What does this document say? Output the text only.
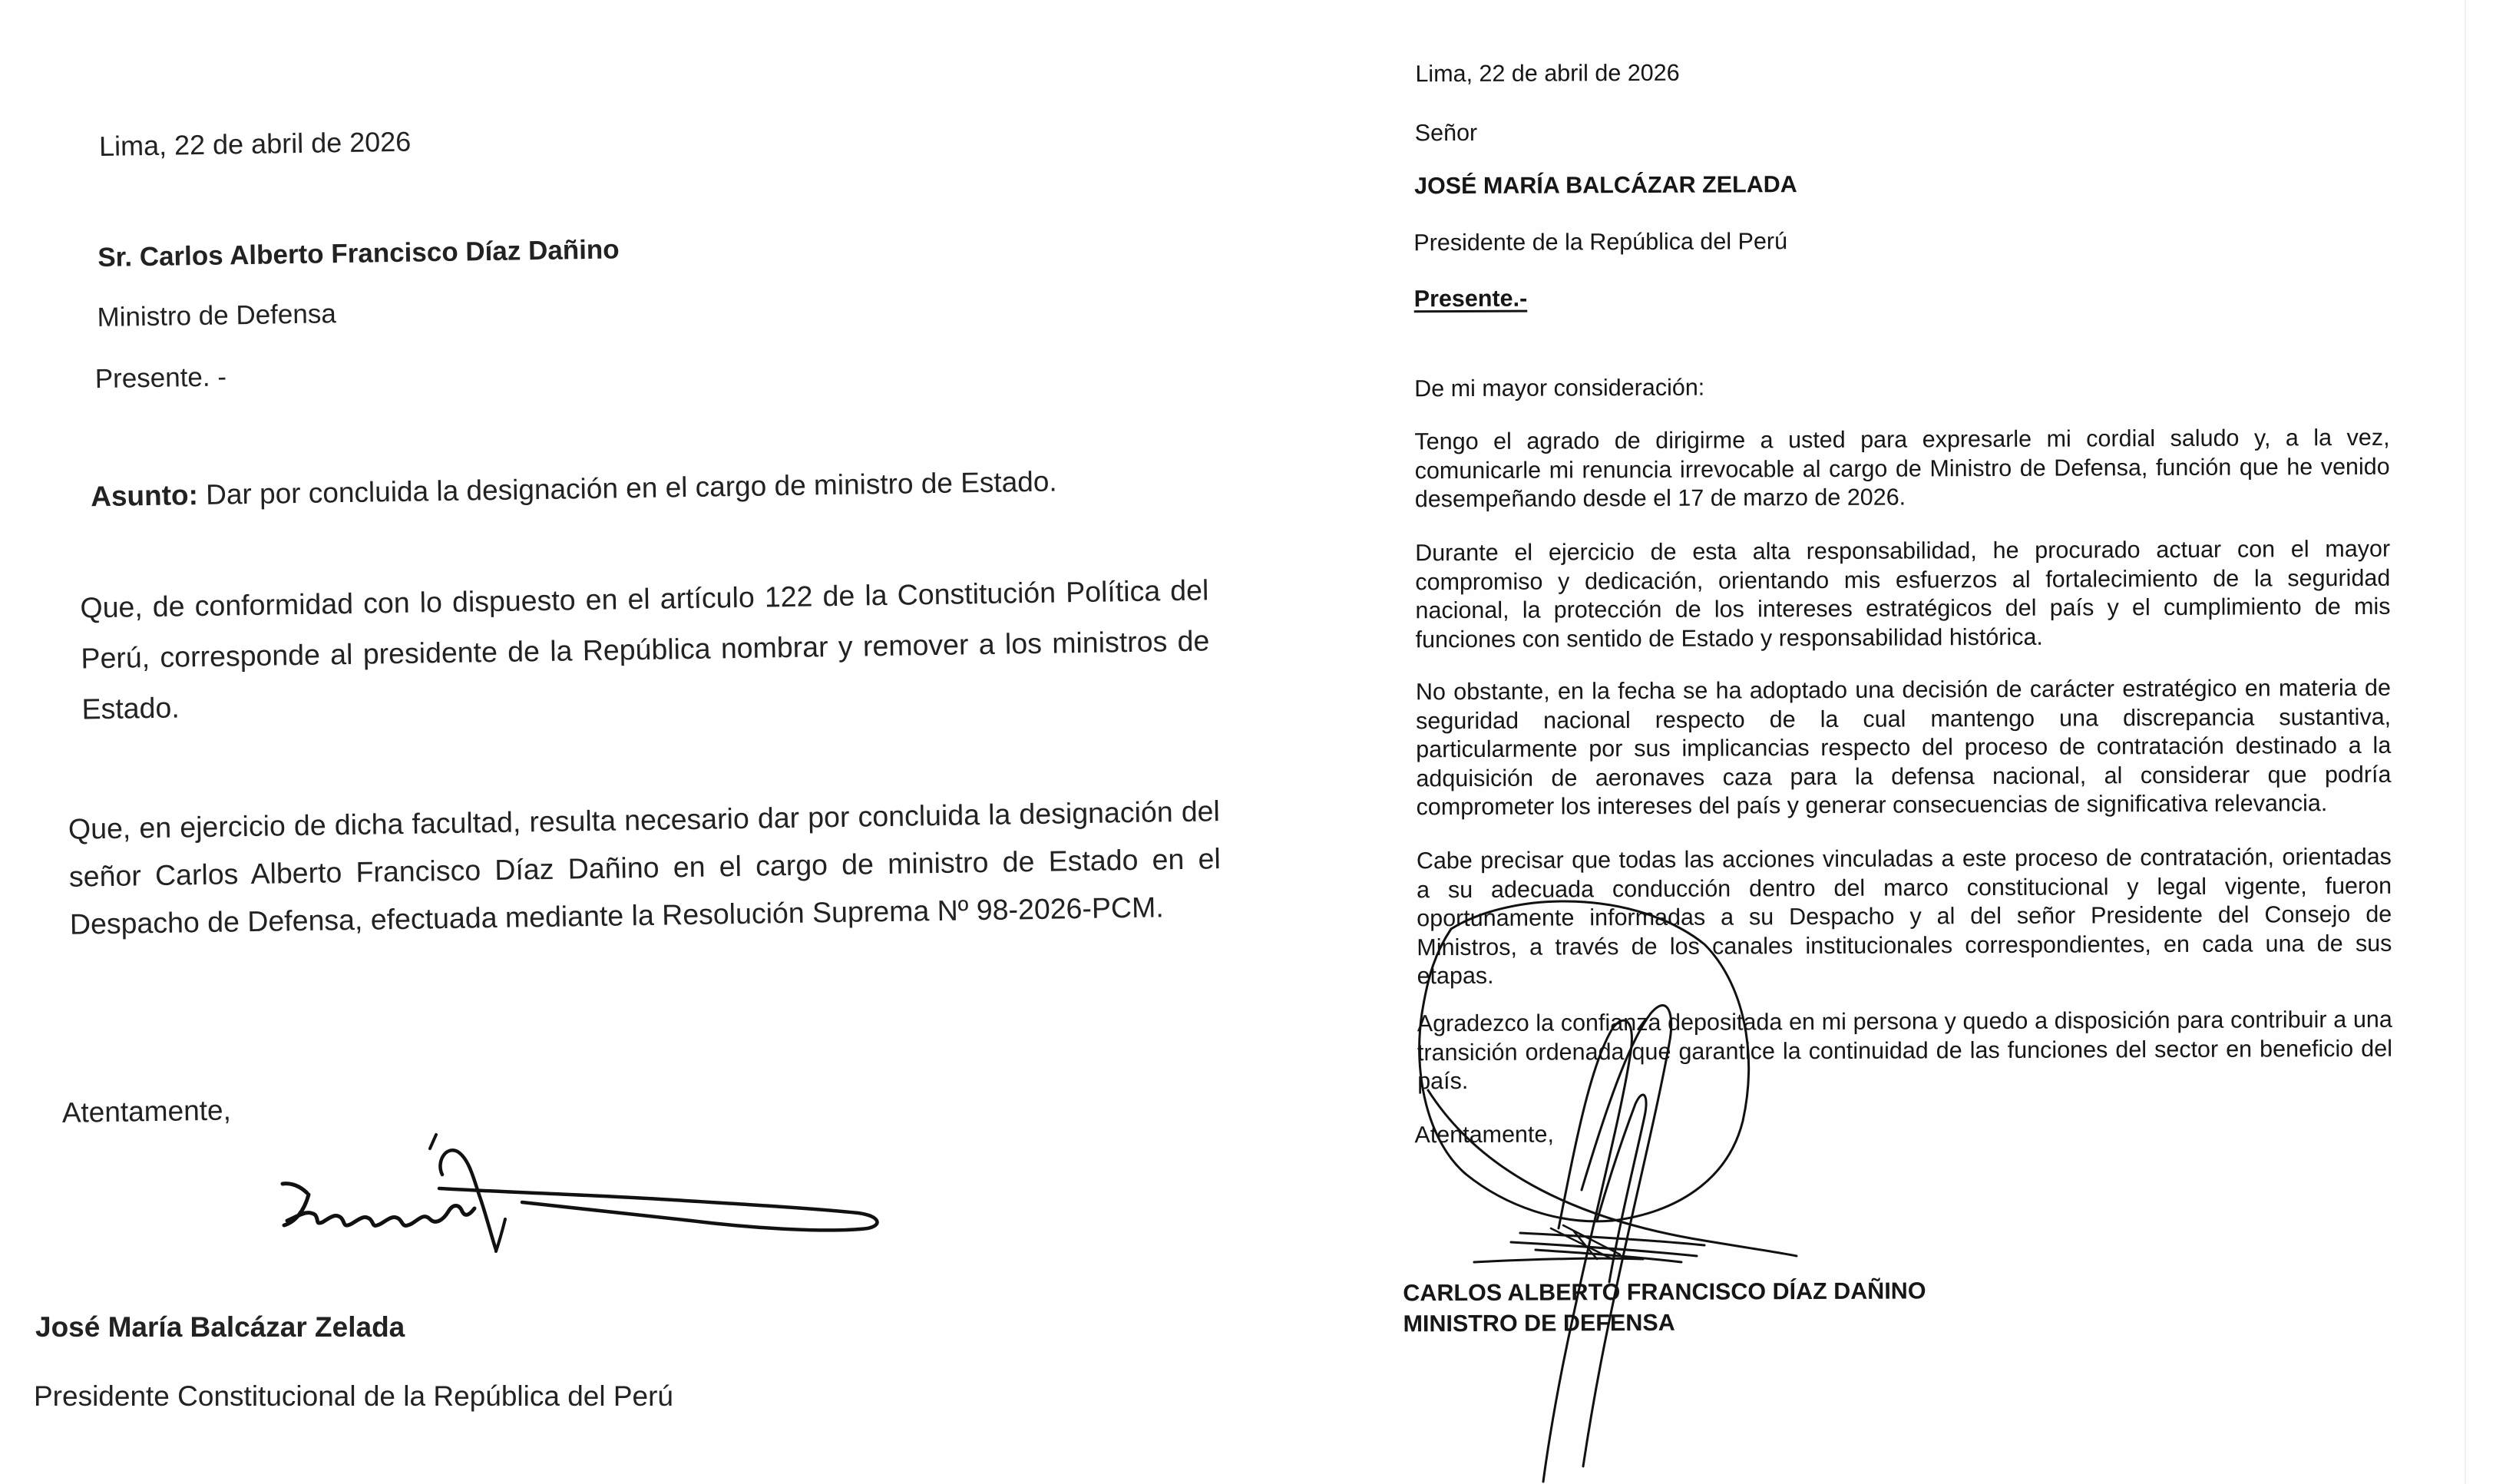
Lima, 22 de abril de 2026
Sr. Carlos Alberto Francisco Díaz Dañino
Ministro de Defensa
Presente. -
Asunto: Dar por concluida la designación en el cargo de ministro de Estado.
Que, de conformidad con lo dispuesto en el artículo 122 de la Constitución Política del Perú, corresponde al presidente de la República nombrar y remover a los ministros de Estado.
Que, en ejercicio de dicha facultad, resulta necesario dar por concluida la designación del señor Carlos Alberto Francisco Díaz Dañino en el cargo de ministro de Estado en el Despacho de Defensa, efectuada mediante la Resolución Suprema Nº 98-2026-PCM.
Atentamente,
José María Balcázar Zelada
Presidente Constitucional de la República del Perú
Lima, 22 de abril de 2026
Señor
JOSÉ MARÍA BALCÁZAR ZELADA
Presidente de la República del Perú
Presente.-
De mi mayor consideración:
Tengo el agrado de dirigirme a usted para expresarle mi cordial saludo y, a la vez, comunicarle mi renuncia irrevocable al cargo de Ministro de Defensa, función que he venido desempeñando desde el 17 de marzo de 2026.
Durante el ejercicio de esta alta responsabilidad, he procurado actuar con el mayor compromiso y dedicación, orientando mis esfuerzos al fortalecimiento de la seguridad nacional, la protección de los intereses estratégicos del país y el cumplimiento de mis funciones con sentido de Estado y responsabilidad histórica.
No obstante, en la fecha se ha adoptado una decisión de carácter estratégico en materia de seguridad nacional respecto de la cual mantengo una discrepancia sustantiva, particularmente por sus implicancias respecto del proceso de contratación destinado a la adquisición de aeronaves caza para la defensa nacional, al considerar que podría comprometer los intereses del país y generar consecuencias de significativa relevancia.
Cabe precisar que todas las acciones vinculadas a este proceso de contratación, orientadas a su adecuada conducción dentro del marco constitucional y legal vigente, fueron oportunamente informadas a su Despacho y al del señor Presidente del Consejo de Ministros, a través de los canales institucionales correspondientes, en cada una de sus etapas.
Agradezco la confianza depositada en mi persona y quedo a disposición para contribuir a una transición ordenada que garantice la continuidad de las funciones del sector en beneficio del país.
Atentamente,
CARLOS ALBERTO FRANCISCO DÍAZ DAÑINO
MINISTRO DE DEFENSA
